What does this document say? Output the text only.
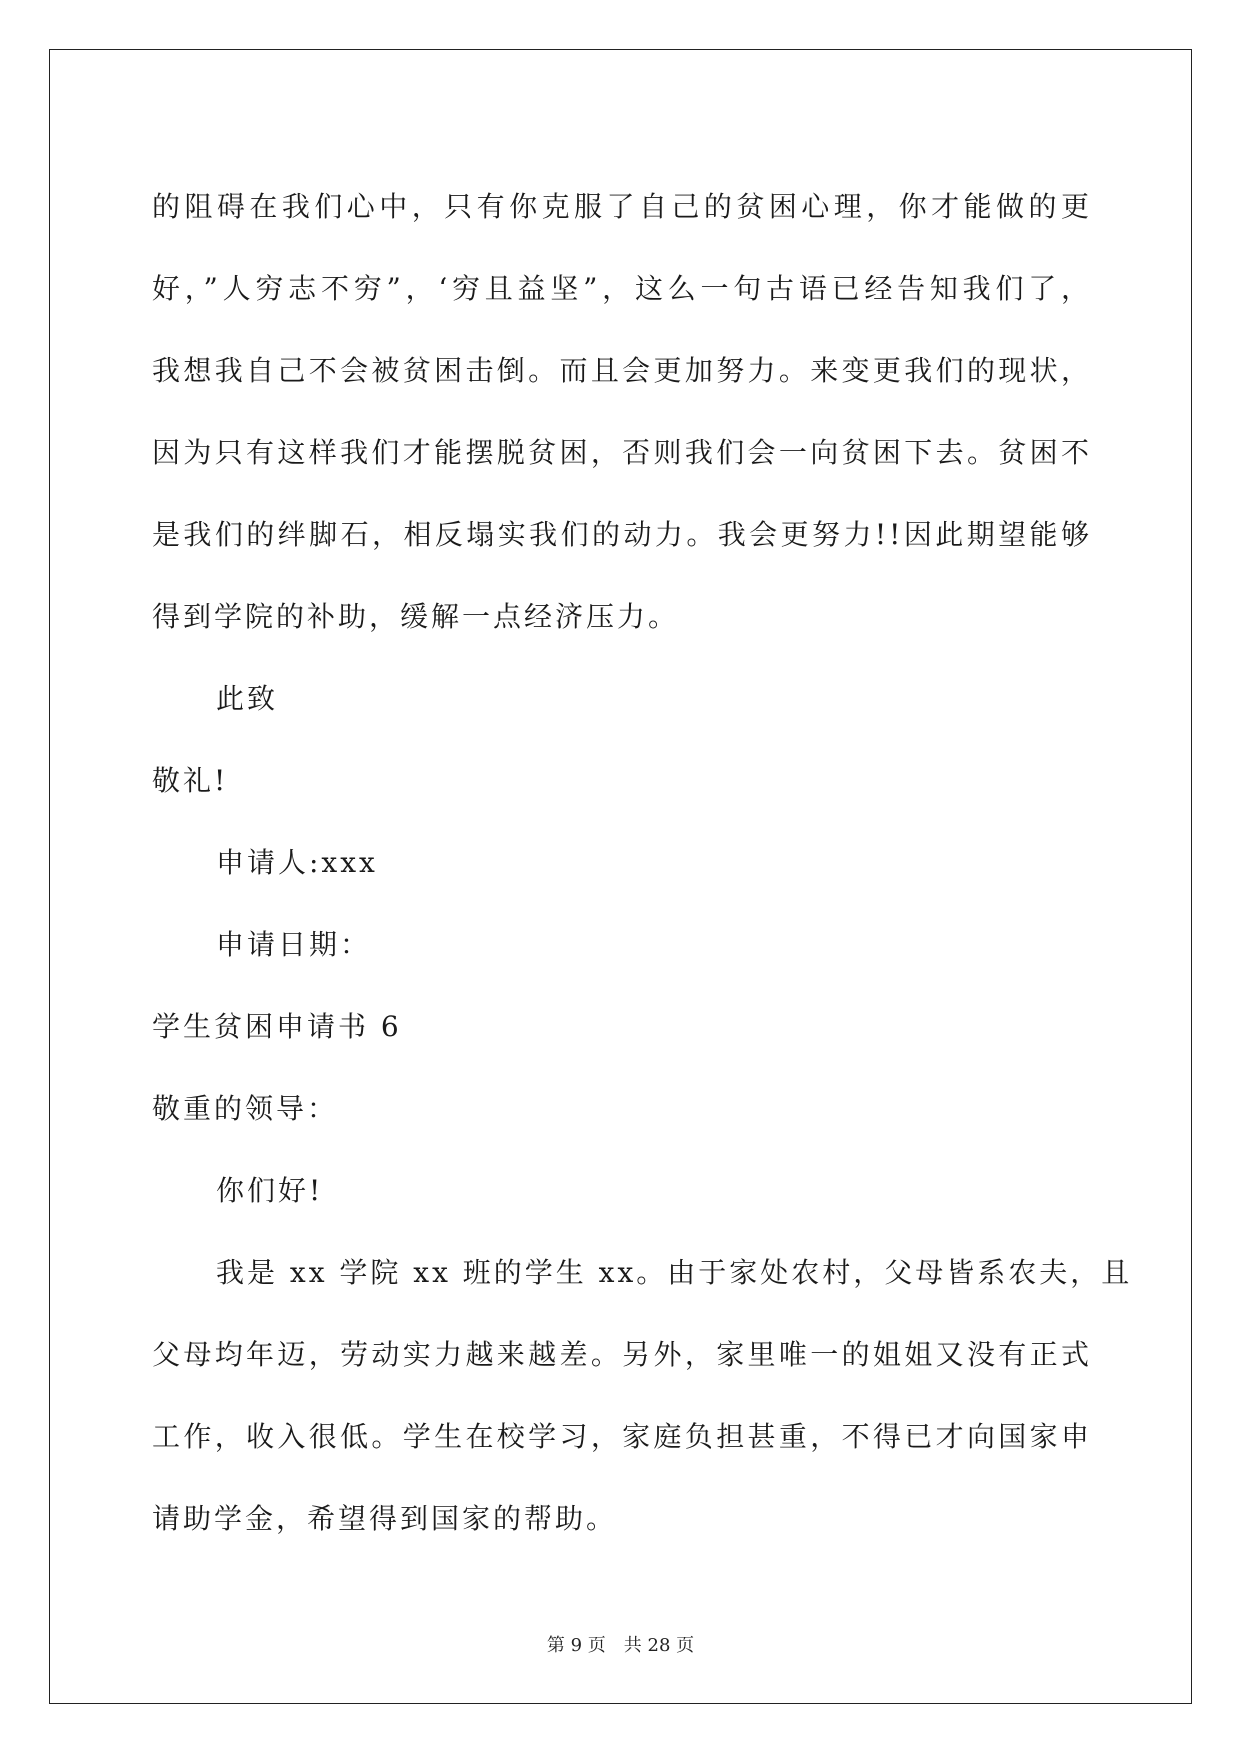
的阻碍在我们心中，只有你克服了自己的贫困心理，你才能做的更

好，”人穷志不穷”，‘穷且益坚”，这么一句古语已经告知我们了，

我想我自己不会被贫困击倒。而且会更加努力。来变更我们的现状，

因为只有这样我们才能摆脱贫困，否则我们会一向贫困下去。贫困不

是我们的绊脚石，相反塌实我们的动力。我会更努力!!因此期望能够

得到学院的补助，缓解一点经济压力。

此致

敬礼!

申请人:xxx

申请日期：

学生贫困申请书 6

敬重的领导：

你们好!

我是 xx 学院 xx 班的学生 xx。由于家处农村，父母皆系农夫，且

父母均年迈，劳动实力越来越差。另外，家里唯一的姐姐又没有正式

工作，收入很低。学生在校学习，家庭负担甚重，不得已才向国家申

请助学金，希望得到国家的帮助。

第 9 页　共 28 页
